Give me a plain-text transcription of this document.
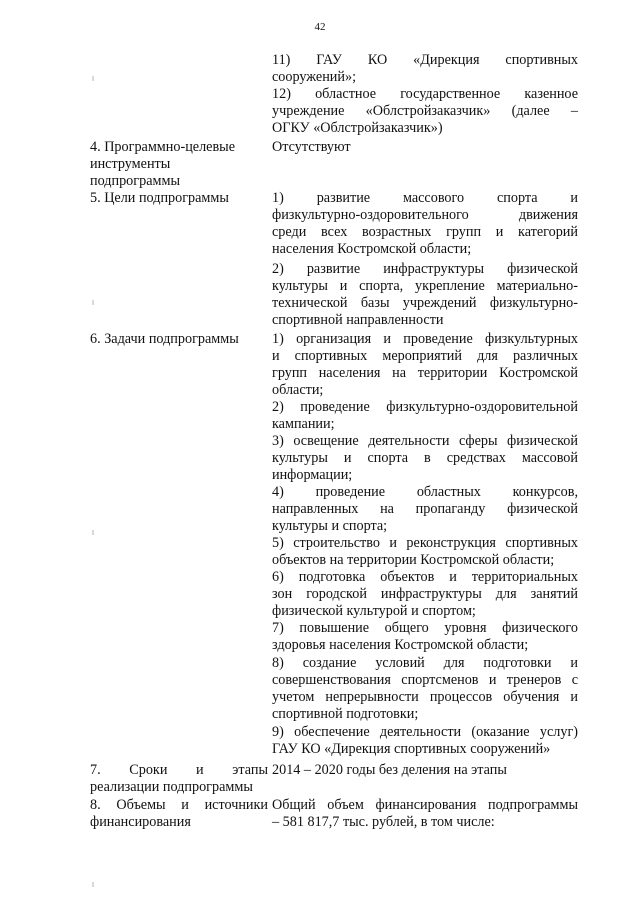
42
11) ГАУ КО «Дирекция спортивных
сооружений»;
12) областное государственное казенное
учреждение «Облстройзаказчик» (далее –
ОГКУ «Облстройзаказчик»)
4. Программно-целевые
инструменты
подпрограммы
Отсутствуют
5. Цели подпрограммы	1) развитие массового спорта и
физкультурно-оздоровительного движения
среди всех возрастных групп и категорий
населения Костромской области;
2) развитие инфраструктуры физической
культуры и спорта, укрепление материально-
технической базы учреждений физкультурно-
спортивной направленности
6. Задачи подпрограммы	1) организация и проведение физкультурных
и спортивных мероприятий для различных
групп населения на территории Костромской
области;
2) проведение физкультурно-оздоровительной
кампании;
3) освещение деятельности сферы физической
культуры и спорта в средствах массовой
информации;
4) проведение областных конкурсов,
направленных на пропаганду физической
культуры и спорта;
5) строительство и реконструкция спортивных
объектов на территории Костромской области;
6) подготовка объектов и территориальных
зон городской инфраструктуры для занятий
физической культурой и спортом;
7) повышение общего уровня физического
здоровья населения Костромской области;
8) создание условий для подготовки и
совершенствования спортсменов и тренеров с
учетом непрерывности процессов обучения и
спортивной подготовки;
9) обеспечение деятельности (оказание услуг)
ГАУ КО «Дирекция спортивных сооружений»
7. Сроки и этапы
реализации подпрограммы
2014 – 2020 годы без деления на этапы
8. Объемы и источники
финансирования
Общий объем финансирования подпрограммы
– 581 817,7 тыс. рублей, в том числе:
